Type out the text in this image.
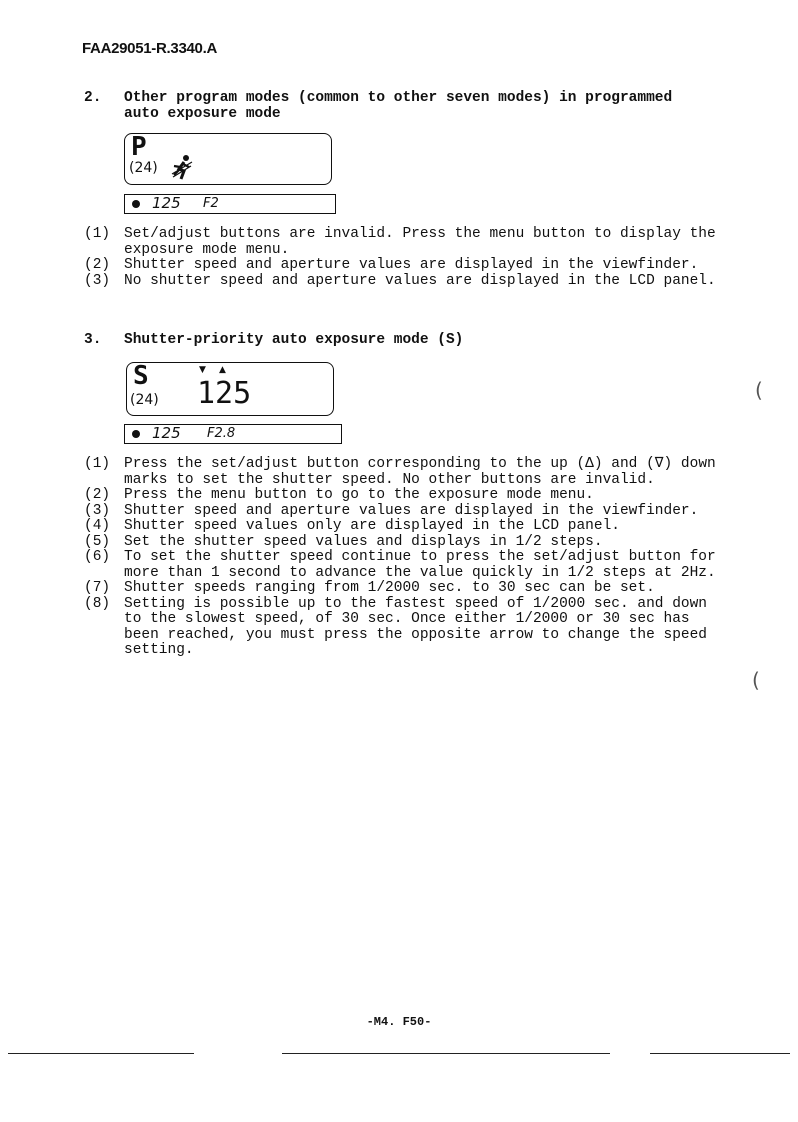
FAA29051-R.3340.A
2.	Other program modes (common to other seven modes) in programmed auto exposure mode
P
(24)
125 F2
(1) Set/adjust buttons are invalid. Press the menu button to display the exposure mode menu.
(2) Shutter speed and aperture values are displayed in the viewfinder.
(3) No shutter speed and aperture values are displayed in the LCD panel.
3.	Shutter-priority auto exposure mode (S)
S
(24)
▼ ▲
125
125 F2.8
(1) Press the set/adjust button corresponding to the up (Δ) and (∇) down marks to set the shutter speed. No other buttons are invalid.
(2) Press the menu button to go to the exposure mode menu.
(3) Shutter speed and aperture values are displayed in the viewfinder.
(4) Shutter speed values only are displayed in the LCD panel.
(5) Set the shutter speed values and displays in 1/2 steps.
(6) To set the shutter speed continue to press the set/adjust button for more than 1 second to advance the value quickly in 1/2 steps at 2Hz.
(7) Shutter speeds ranging from 1/2000 sec. to 30 sec can be set.
(8) Setting is possible up to the fastest speed of 1/2000 sec. and down to the slowest speed, of 30 sec. Once either 1/2000 or 30 sec has been reached, you must press the opposite arrow to change the speed setting.
(
(
-M4. F50-
